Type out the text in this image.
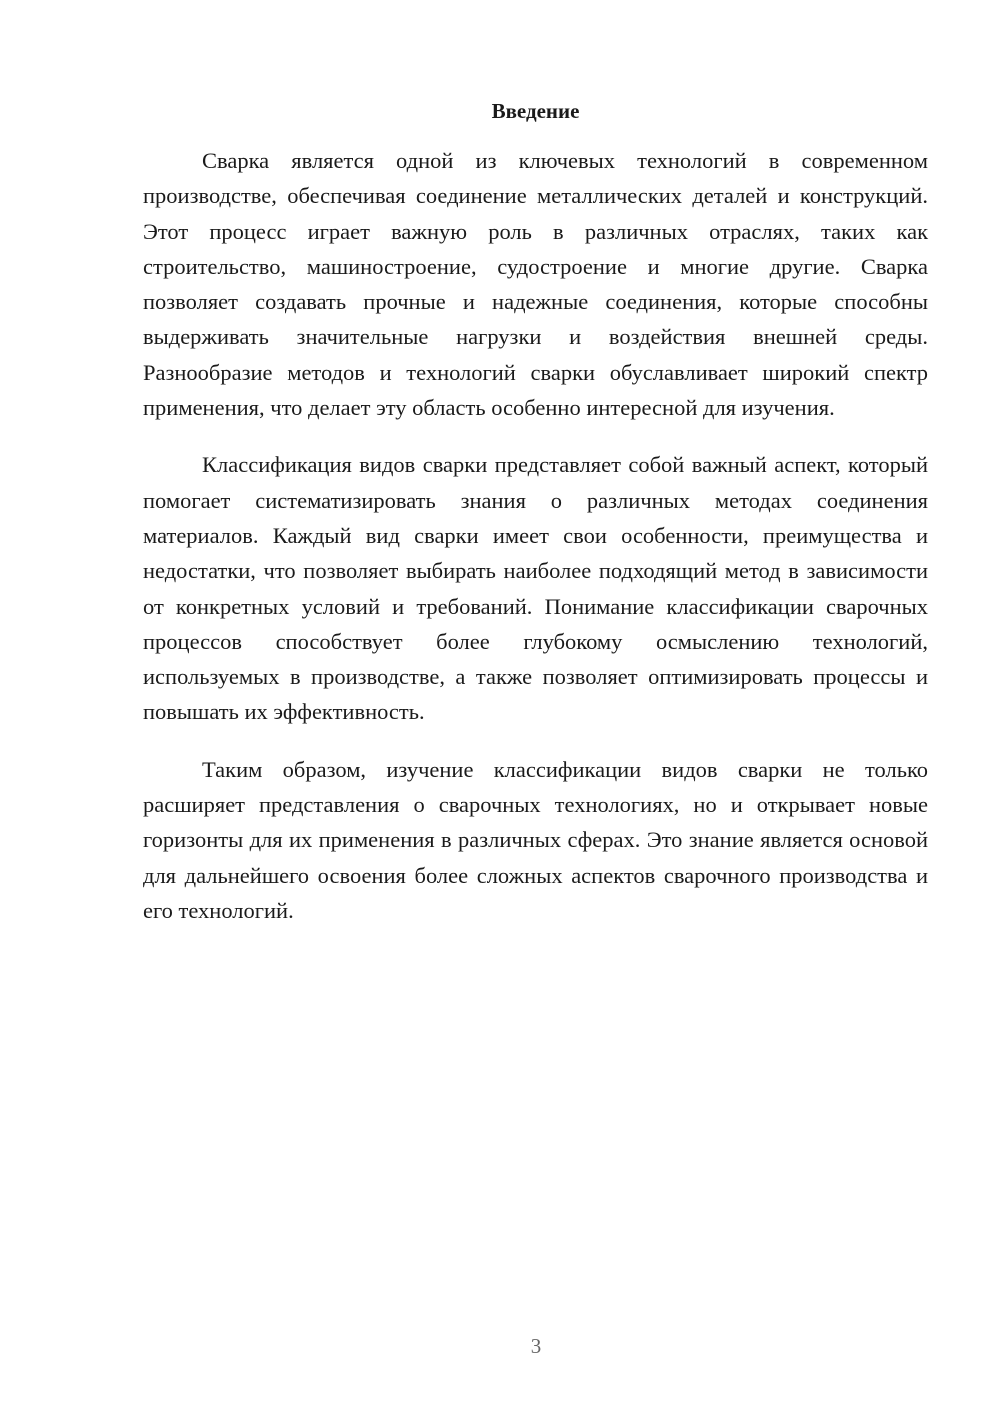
Введение

Сварка является одной из ключевых технологий в современном производстве, обеспечивая соединение металлических деталей и конструкций. Этот процесс играет важную роль в различных отраслях, таких как строительство, машиностроение, судостроение и многие другие. Сварка позволяет создавать прочные и надежные соединения, которые способны выдерживать значительные нагрузки и воздействия внешней среды. Разнообразие методов и технологий сварки обуславливает широкий спектр применения, что делает эту область особенно интересной для изучения.

Классификация видов сварки представляет собой важный аспект, который помогает систематизировать знания о различных методах соединения материалов. Каждый вид сварки имеет свои особенности, преимущества и недостатки, что позволяет выбирать наиболее подходящий метод в зависимости от конкретных условий и требований. Понимание классификации сварочных процессов способствует более глубокому осмыслению технологий, используемых в производстве, а также позволяет оптимизировать процессы и повышать их эффективность.

Таким образом, изучение классификации видов сварки не только расширяет представления о сварочных технологиях, но и открывает новые горизонты для их применения в различных сферах. Это знание является основой для дальнейшего освоения более сложных аспектов сварочного производства и его технологий.

3
